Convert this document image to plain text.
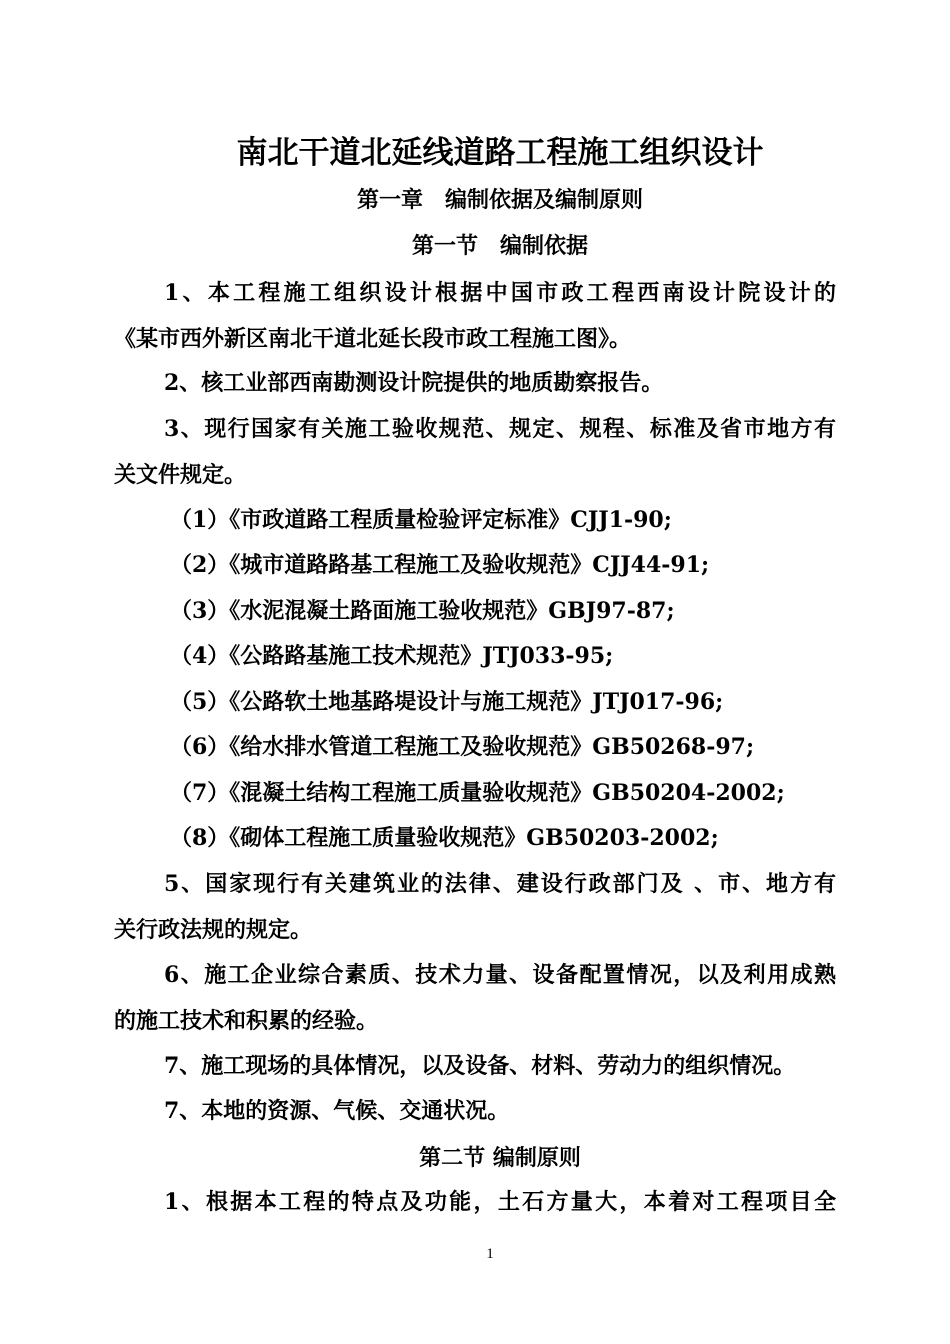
南北干道北延线道路工程施工组织设计
第一章　编制依据及编制原则
第一节　编制依据
1、本工程施工组织设计根据中国市政工程西南设计院设计的
《某市西外新区南北干道北延长段市政工程施工图》。
2、核工业部西南勘测设计院提供的地质勘察报告。
3、现行国家有关施工验收规范、规定、规程、标准及省市地方有
关文件规定。
（1）《市政道路工程质量检验评定标准》CJJ1-90;
（2）《城市道路路基工程施工及验收规范》CJJ44-91;
（3）《水泥混凝土路面施工验收规范》GBJ97-87;
（4）《公路路基施工技术规范》JTJ033-95;
（5）《公路软土地基路堤设计与施工规范》JTJ017-96;
（6）《给水排水管道工程施工及验收规范》GB50268-97;
（7）《混凝土结构工程施工质量验收规范》GB50204-2002;
（8）《砌体工程施工质量验收规范》GB50203-2002;
5、国家现行有关建筑业的法律、建设行政部门及 、市、地方有
关行政法规的规定。
6、施工企业综合素质、技术力量、设备配置情况，以及利用成熟
的施工技术和积累的经验。
7、施工现场的具体情况，以及设备、材料、劳动力的组织情况。
7、本地的资源、气候、交通状况。
第二节 编制原则
1、根据本工程的特点及功能，土石方量大，本着对工程项目全
1
